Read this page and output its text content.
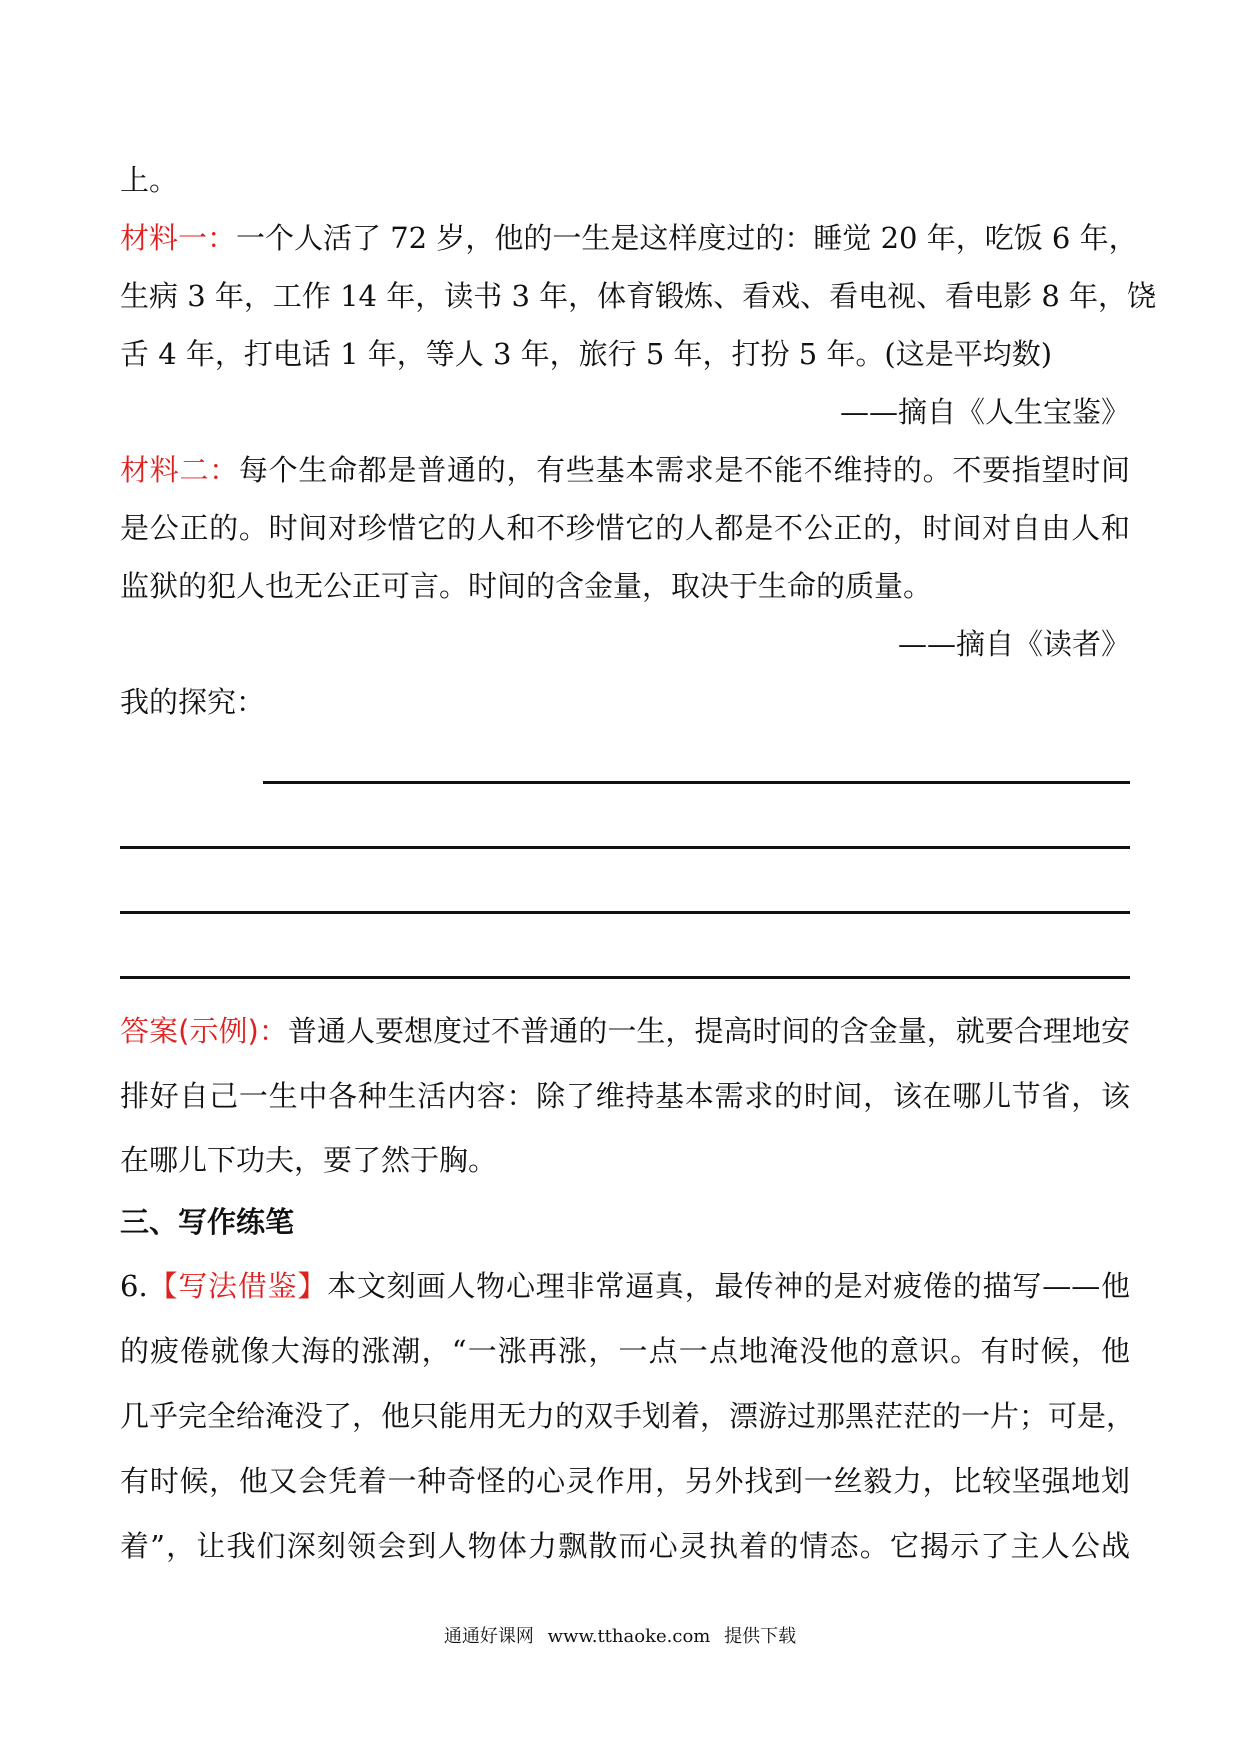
上。
材料一：一个人活了 72 岁，他的一生是这样度过的：睡觉 20 年，吃饭 6 年，
生病 3 年，工作 14 年，读书 3 年，体育锻炼、看戏、看电视、看电影 8 年，饶
舌 4 年，打电话 1 年，等人 3 年，旅行 5 年，打扮 5 年。(这是平均数)
——摘自《人生宝鉴》
材料二：每个生命都是普通的，有些基本需求是不能不维持的。不要指望时间
是公正的。时间对珍惜它的人和不珍惜它的人都是不公正的，时间对自由人和
监狱的犯人也无公正可言。时间的含金量，取决于生命的质量。
——摘自《读者》
我的探究：
答案(示例)：普通人要想度过不普通的一生，提高时间的含金量，就要合理地安
排好自己一生中各种生活内容：除了维持基本需求的时间，该在哪儿节省，该
在哪儿下功夫，要了然于胸。
三、写作练笔
6.【写法借鉴】本文刻画人物心理非常逼真，最传神的是对疲倦的描写——他
的疲倦就像大海的涨潮，“一涨再涨，一点一点地淹没他的意识。有时候，他
几乎完全给淹没了，他只能用无力的双手划着，漂游过那黑茫茫的一片；可是，
有时候，他又会凭着一种奇怪的心灵作用，另外找到一丝毅力，比较坚强地划
着”，让我们深刻领会到人物体力飘散而心灵执着的情态。它揭示了主人公战
通通好课网 www.tthaoke.com 提供下载
